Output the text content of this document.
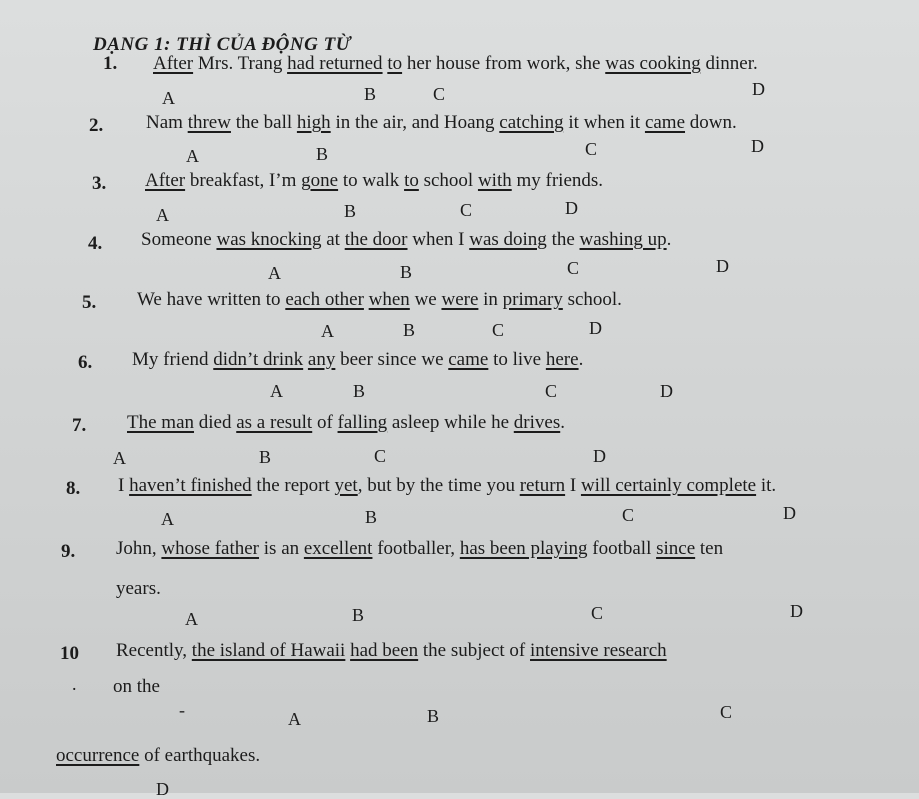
DẠNG 1: THÌ CỦA ĐỘNG TỪ
1. After Mrs. Trang had returned to her house from work, she was cooking dinner.
A	B	C	D
2. Nam threw the ball high in the air, and Hoang catching it when it came down.
A	B	C	D
3. After breakfast, I’m gone to walk to school with my friends.
A	B	C	D
4. Someone was knocking at the door when I was doing the washing up.
A	B	C	D
5. We have written to each other when we were in primary school.
A	B	C	D
6. My friend didn’t drink any beer since we came to live here.
A	B	C	D
7. The man died as a result of falling asleep while he drives.
A	B	C	D
8. I haven’t finished the report yet, but by the time you return I will certainly complete it.
A	B	C	D
9. John, whose father is an excellent footballer, has been playing football since ten
years.
A	B	C	D
10 Recently, the island of Hawaii had been the subject of intensive research
. on the
-	A	B	C
occurrence of earthquakes.
D
